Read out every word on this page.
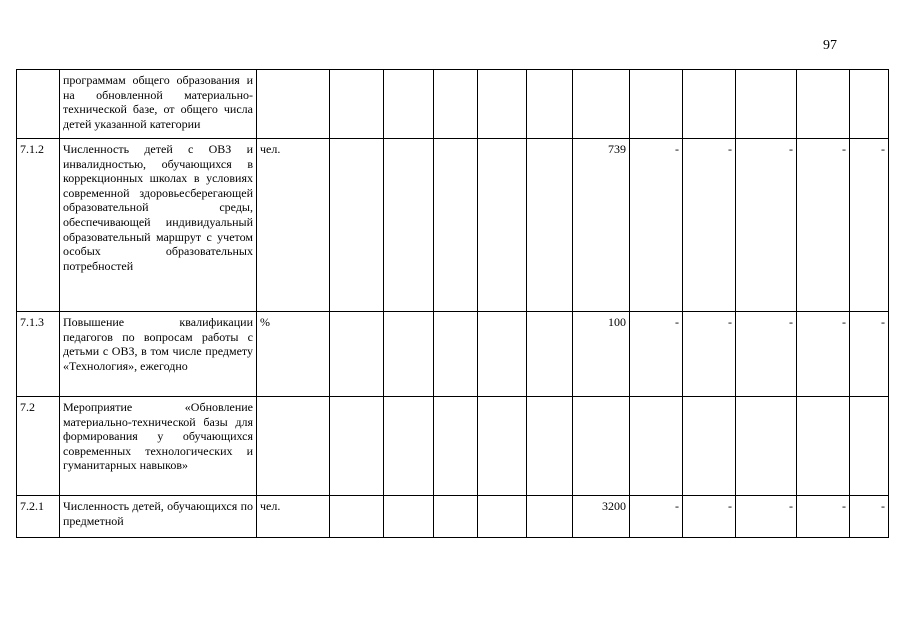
97
	программам общего образования и на обновленной материально-технической базе, от общего числа детей указанной категории												
7.1.2	Численность детей с ОВЗ и инвалидностью, обучающихся в коррекционных школах в условиях современной здоровьесберегающей образовательной среды, обеспечивающей индивидуальный образовательный маршрут с учетом особых образовательных потребностей	чел.						739	-	-	-	-	-
7.1.3	Повышение квалификации педагогов по вопросам работы с детьми с ОВЗ, в том числе предмету «Технология», ежегодно	%						100	-	-	-	-	-
7.2	Мероприятие «Обновление материально-технической базы для формирования у обучающихся современных технологических и гуманитарных навыков»												
7.2.1	Численность детей, обучающихся по предметной	чел.						3200	-	-	-	-	-
